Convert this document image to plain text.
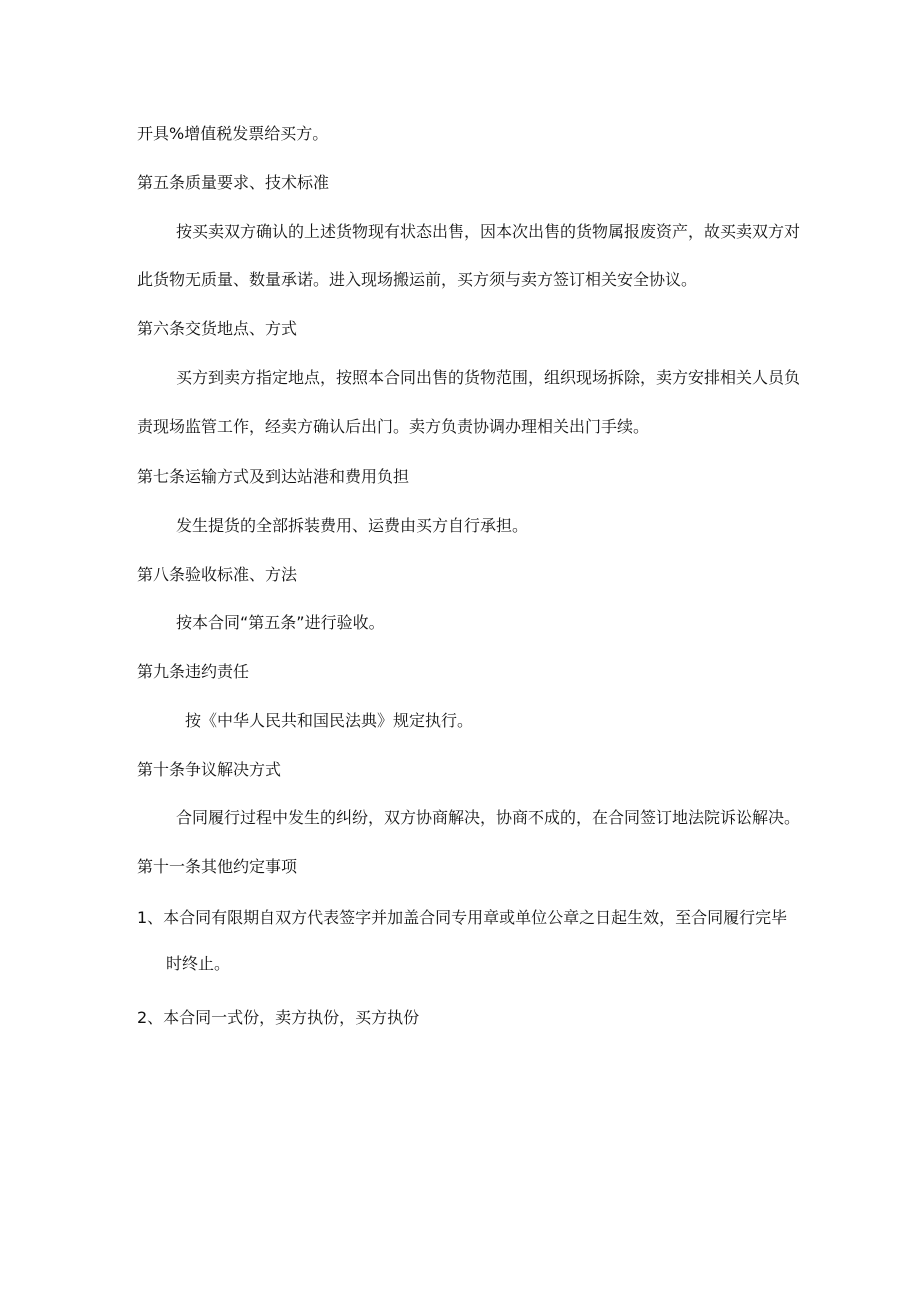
开具%增值税发票给买方。

第五条质量要求、技术标准

按买卖双方确认的上述货物现有状态出售，因本次出售的货物属报废资产，故买卖双方对

此货物无质量、数量承诺。进入现场搬运前，买方须与卖方签订相关安全协议。

第六条交货地点、方式

买方到卖方指定地点，按照本合同出售的货物范围，组织现场拆除，卖方安排相关人员负

责现场监管工作，经卖方确认后出门。卖方负责协调办理相关出门手续。

第七条运输方式及到达站港和费用负担

发生提货的全部拆装费用、运费由买方自行承担。

第八条验收标准、方法

按本合同“第五条”进行验收。

第九条违约责任

按《中华人民共和国民法典》规定执行。

第十条争议解决方式

合同履行过程中发生的纠纷，双方协商解决，协商不成的，在合同签订地法院诉讼解决。

第十一条其他约定事项

1、本合同有限期自双方代表签字并加盖合同专用章或单位公章之日起生效，至合同履行完毕

时终止。

2、本合同一式份，卖方执份，买方执份
